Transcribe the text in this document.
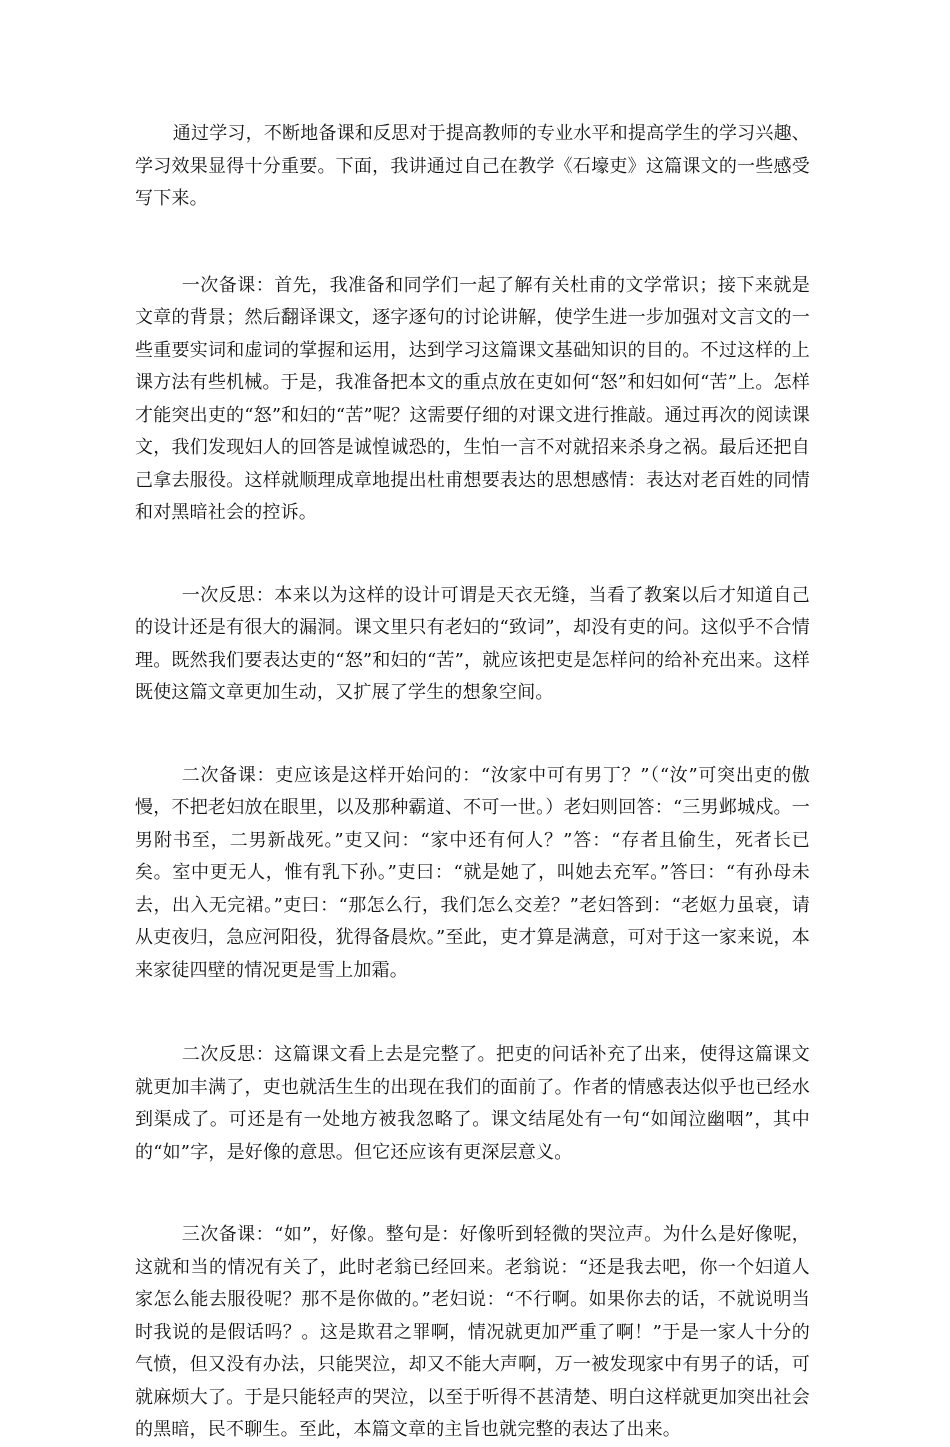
通过学习，不断地备课和反思对于提高教师的专业水平和提高学生的学习兴趣、学习效果显得十分重要。下面，我讲通过自己在教学《石壕吏》这篇课文的一些感受写下来。

一次备课：首先，我准备和同学们一起了解有关杜甫的文学常识；接下来就是文章的背景；然后翻译课文，逐字逐句的讨论讲解，使学生进一步加强对文言文的一些重要实词和虚词的掌握和运用，达到学习这篇课文基础知识的目的。不过这样的上课方法有些机械。于是，我准备把本文的重点放在吏如何“怒”和妇如何“苦”上。怎样才能突出吏的“怒”和妇的“苦”呢？这需要仔细的对课文进行推敲。通过再次的阅读课文，我们发现妇人的回答是诚惶诚恐的，生怕一言不对就招来杀身之祸。最后还把自己拿去服役。这样就顺理成章地提出杜甫想要表达的思想感情：表达对老百姓的同情和对黑暗社会的控诉。

一次反思：本来以为这样的设计可谓是天衣无缝，当看了教案以后才知道自己的设计还是有很大的漏洞。课文里只有老妇的“致词”，却没有吏的问。这似乎不合情理。既然我们要表达吏的“怒”和妇的“苦”，就应该把吏是怎样问的给补充出来。这样既使这篇文章更加生动，又扩展了学生的想象空间。

二次备课：吏应该是这样开始问的：“汝家中可有男丁？”（“汝”可突出吏的傲慢，不把老妇放在眼里，以及那种霸道、不可一世。）老妇则回答：“三男邺城戍。一男附书至，二男新战死。”吏又问：“家中还有何人？”答：“存者且偷生，死者长已矣。室中更无人，惟有乳下孙。”吏曰：“就是她了，叫她去充军。”答曰：“有孙母未去，出入无完裙。”吏曰：“那怎么行，我们怎么交差？”老妇答到：“老妪力虽衰，请从吏夜归，急应河阳役，犹得备晨炊。”至此，吏才算是满意，可对于这一家来说，本来家徒四壁的情况更是雪上加霜。

二次反思：这篇课文看上去是完整了。把吏的问话补充了出来，使得这篇课文就更加丰满了，吏也就活生生的出现在我们的面前了。作者的情感表达似乎也已经水到渠成了。可还是有一处地方被我忽略了。课文结尾处有一句“如闻泣幽咽”，其中的“如”字，是好像的意思。但它还应该有更深层意义。

三次备课：“如”，好像。整句是：好像听到轻微的哭泣声。为什么是好像呢，这就和当的情况有关了，此时老翁已经回来。老翁说：“还是我去吧，你一个妇道人家怎么能去服役呢？那不是你做的。”老妇说：“不行啊。如果你去的话，不就说明当时我说的是假话吗？。这是欺君之罪啊，情况就更加严重了啊！”于是一家人十分的气愤，但又没有办法，只能哭泣，却又不能大声啊，万一被发现家中有男子的话，可就麻烦大了。于是只能轻声的哭泣，以至于听得不甚清楚、明白这样就更加突出社会的黑暗，民不聊生。至此，本篇文章的主旨也就完整的表达了出来。
